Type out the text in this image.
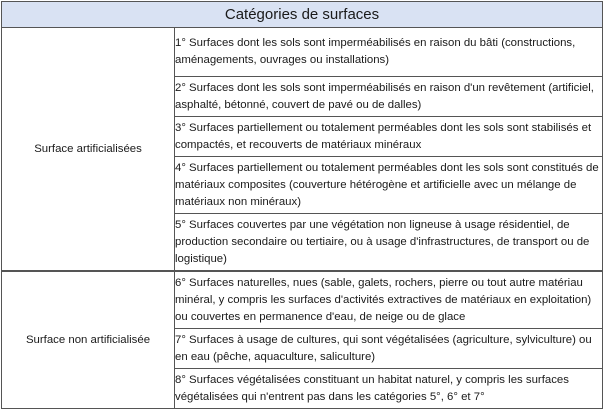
Catégories de surfaces	
Surface artificialisées	1° Surfaces dont les sols sont imperméabilisés en raison du bâti (constructions, aménagements, ouvrages ou installations)
	2° Surfaces dont les sols sont imperméabilisés en raison d'un revêtement (artificiel, asphalté, bétonné, couvert de pavé ou de dalles)
	3° Surfaces partiellement ou totalement perméables dont les sols sont stabilisés et compactés, et recouverts de matériaux minéraux
	4° Surfaces partiellement ou totalement perméables dont les sols sont constitués de matériaux composites (couverture hétérogène et artificielle avec un mélange de matériaux non minéraux)
	5° Surfaces couvertes par une végétation non ligneuse à usage résidentiel, de production secondaire ou tertiaire, ou à usage d'infrastructures, de transport ou de logistique)
Surface non artificialisée	6° Surfaces naturelles, nues (sable, galets, rochers, pierre ou tout autre matériau minéral, y compris les surfaces d'activités extractives de matériaux en exploitation) ou couvertes en permanence d'eau, de neige ou de glace
	7° Surfaces à usage de cultures, qui sont végétalisées (agriculture, sylviculture) ou en eau (pêche, aquaculture, saliculture)
	8° Surfaces végétalisées constituant un habitat naturel, y compris les surfaces végétalisées qui n'entrent pas dans les catégories 5°, 6° et 7°
